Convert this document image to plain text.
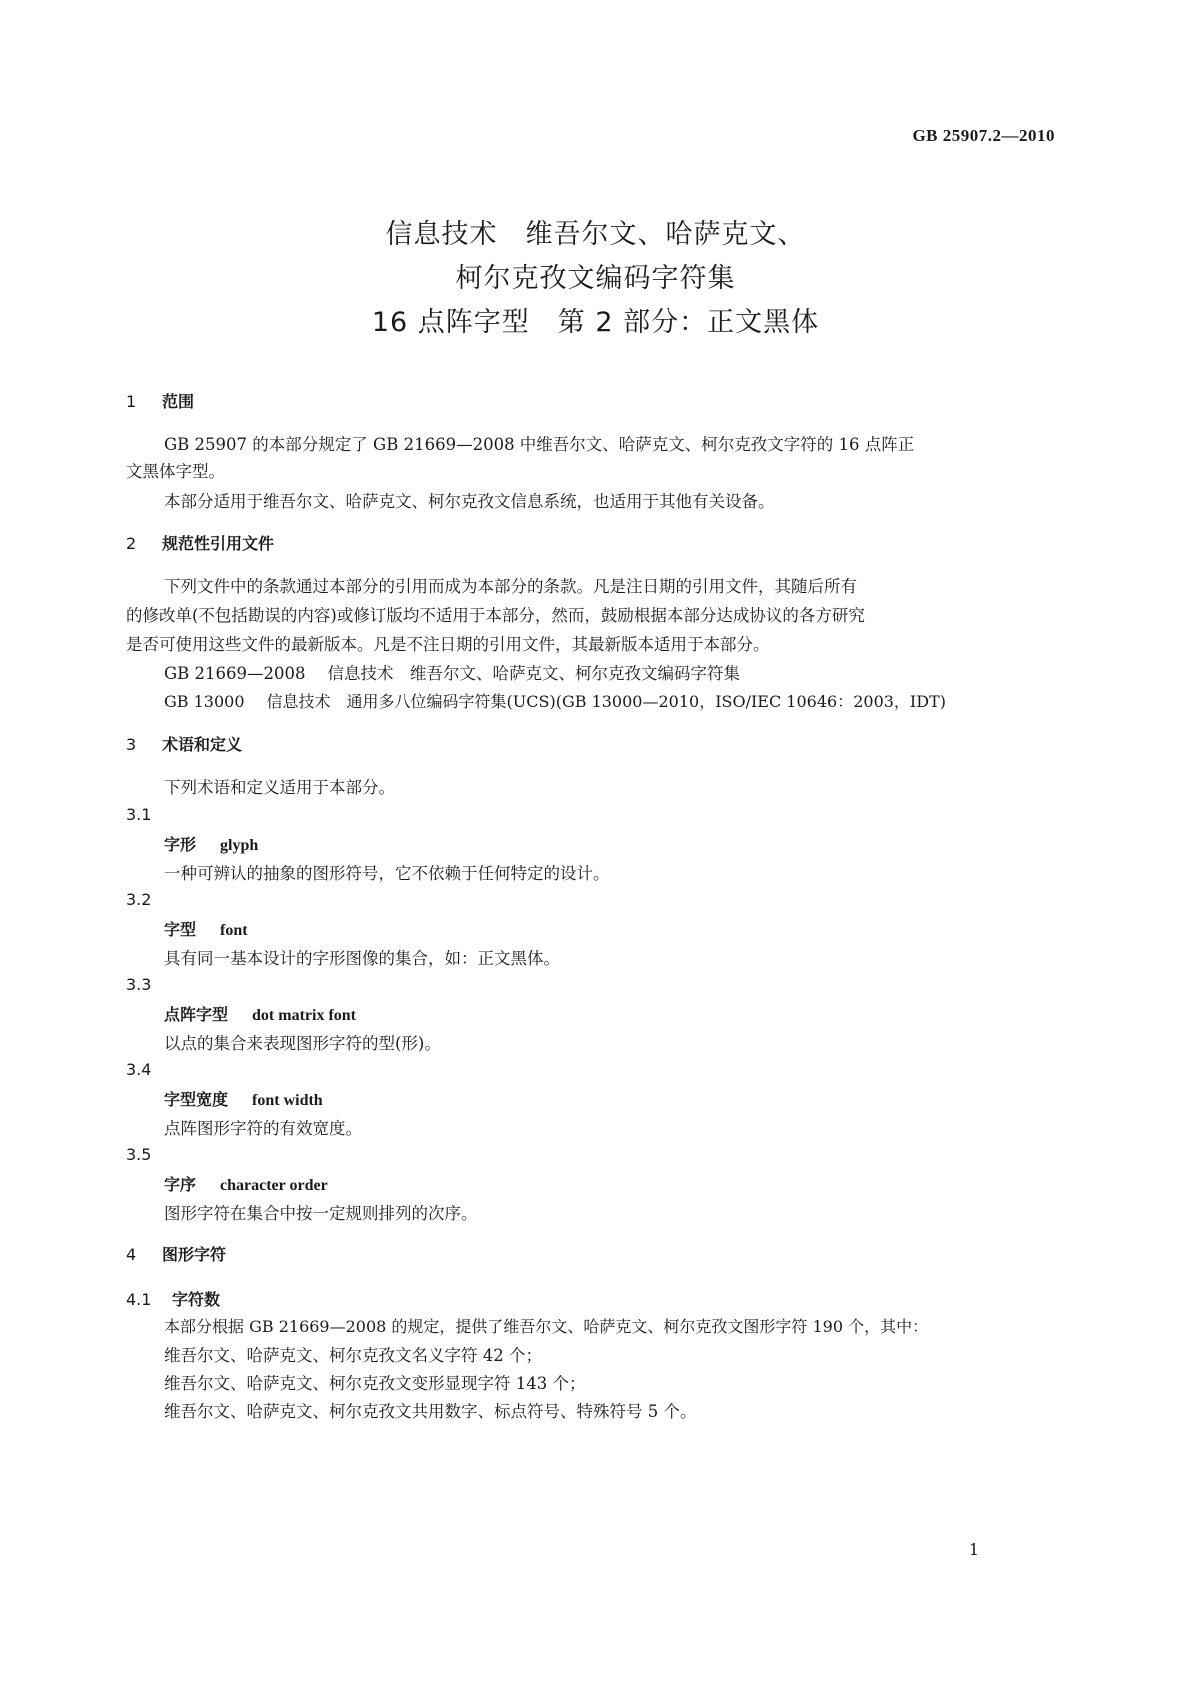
GB 25907.2—2010
信息技术　维吾尔文、哈萨克文、
柯尔克孜文编码字符集
16 点阵字型　第 2 部分：正文黑体
1 范围
GB 25907 的本部分规定了 GB 21669—2008 中维吾尔文、哈萨克文、柯尔克孜文字符的 16 点阵正
文黑体字型。
本部分适用于维吾尔文、哈萨克文、柯尔克孜文信息系统，也适用于其他有关设备。
2 规范性引用文件
下列文件中的条款通过本部分的引用而成为本部分的条款。凡是注日期的引用文件，其随后所有
的修改单(不包括勘误的内容)或修订版均不适用于本部分，然而，鼓励根据本部分达成协议的各方研究
是否可使用这些文件的最新版本。凡是不注日期的引用文件，其最新版本适用于本部分。
GB 21669—2008 信息技术　维吾尔文、哈萨克文、柯尔克孜文编码字符集
GB 13000 信息技术　通用多八位编码字符集(UCS)(GB 13000—2010，ISO/IEC 10646：2003，IDT)
3 术语和定义
下列术语和定义适用于本部分。
3.1
字形 glyph
一种可辨认的抽象的图形符号，它不依赖于任何特定的设计。
3.2
字型 font
具有同一基本设计的字形图像的集合，如：正文黑体。
3.3
点阵字型 dot matrix font
以点的集合来表现图形字符的型(形)。
3.4
字型宽度 font width
点阵图形字符的有效宽度。
3.5
字序 character order
图形字符在集合中按一定规则排列的次序。
4 图形字符
4.1 字符数
本部分根据 GB 21669—2008 的规定，提供了维吾尔文、哈萨克文、柯尔克孜文图形字符 190 个，其中：
维吾尔文、哈萨克文、柯尔克孜文名义字符 42 个；
维吾尔文、哈萨克文、柯尔克孜文变形显现字符 143 个；
维吾尔文、哈萨克文、柯尔克孜文共用数字、标点符号、特殊符号 5 个。
1
